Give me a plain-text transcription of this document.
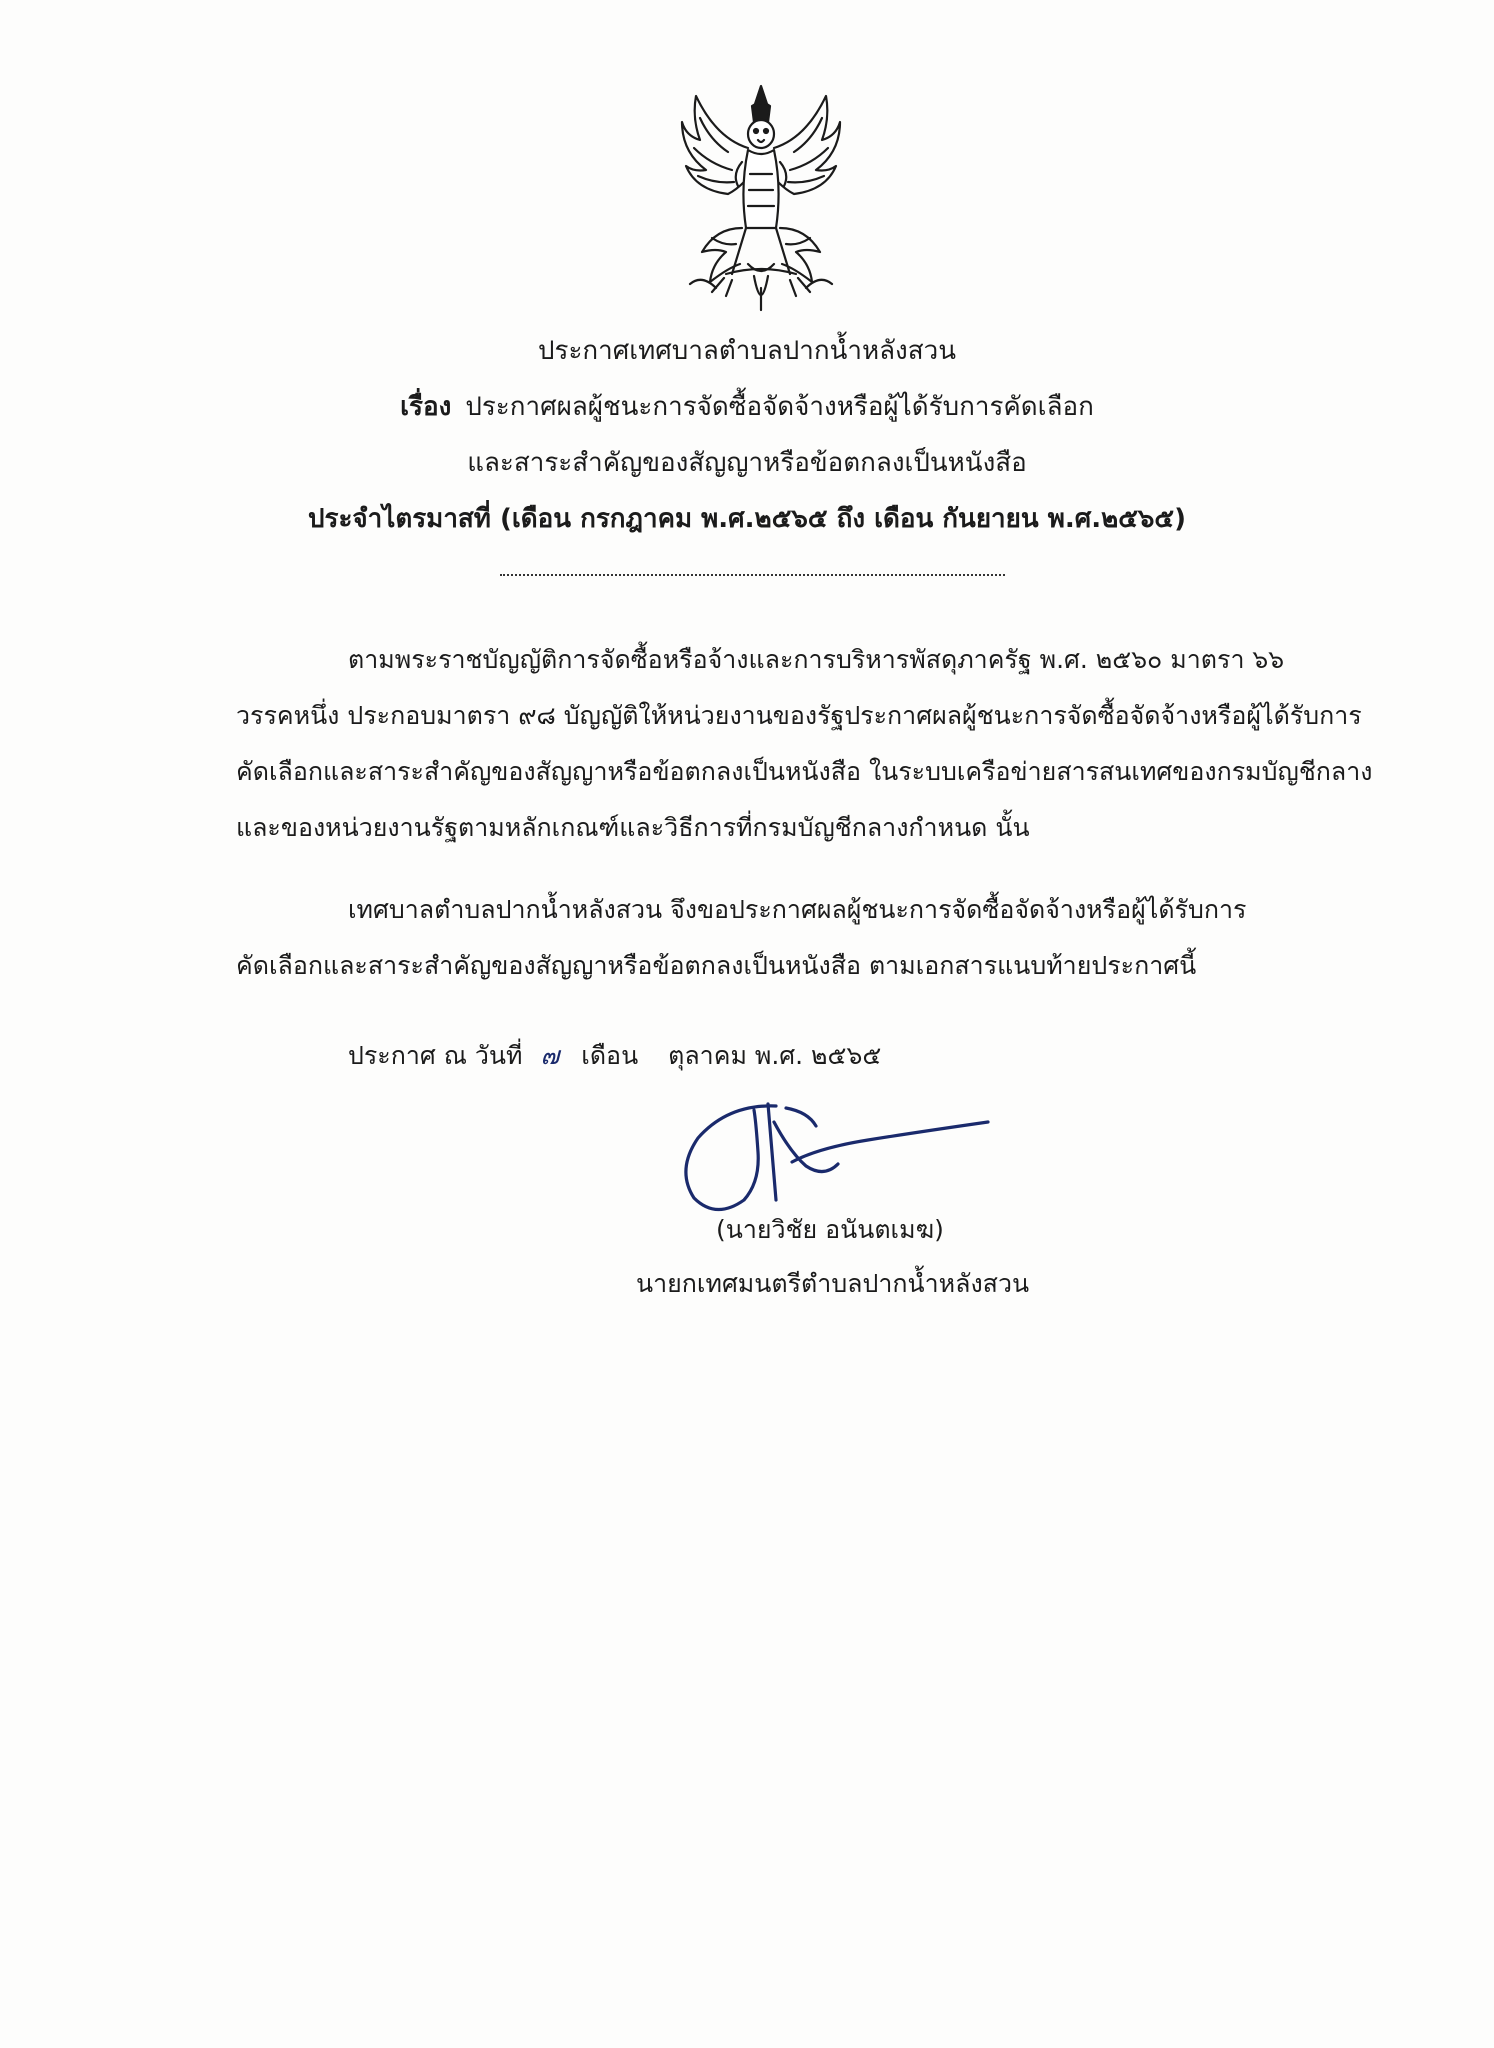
ประกาศเทศบาลตำบลปากน้ำหลังสวน
เรื่อง ประกาศผลผู้ชนะการจัดซื้อจัดจ้างหรือผู้ได้รับการคัดเลือก
และสาระสำคัญของสัญญาหรือข้อตกลงเป็นหนังสือ
ประจำไตรมาสที่ (เดือน กรกฎาคม พ.ศ.๒๕๖๕ ถึง เดือน กันยายน พ.ศ.๒๕๖๕)
ตามพระราชบัญญัติการจัดซื้อหรือจ้างและการบริหารพัสดุภาครัฐ พ.ศ. ๒๕๖๐ มาตรา ๖๖
วรรคหนึ่ง ประกอบมาตรา ๙๘ บัญญัติให้หน่วยงานของรัฐประกาศผลผู้ชนะการจัดซื้อจัดจ้างหรือผู้ได้รับการ
คัดเลือกและสาระสำคัญของสัญญาหรือข้อตกลงเป็นหนังสือ ในระบบเครือข่ายสารสนเทศของกรมบัญชีกลาง
และของหน่วยงานรัฐตามหลักเกณฑ์และวิธีการที่กรมบัญชีกลางกำหนด นั้น
เทศบาลตำบลปากน้ำหลังสวน จึงขอประกาศผลผู้ชนะการจัดซื้อจัดจ้างหรือผู้ได้รับการ
คัดเลือกและสาระสำคัญของสัญญาหรือข้อตกลงเป็นหนังสือ ตามเอกสารแนบท้ายประกาศนี้
ประกาศ ณ วันที่ ๗ เดือน ตุลาคม พ.ศ. ๒๕๖๕
(นายวิชัย อนันตเมฆ)
นายกเทศมนตรีตำบลปากน้ำหลังสวน
